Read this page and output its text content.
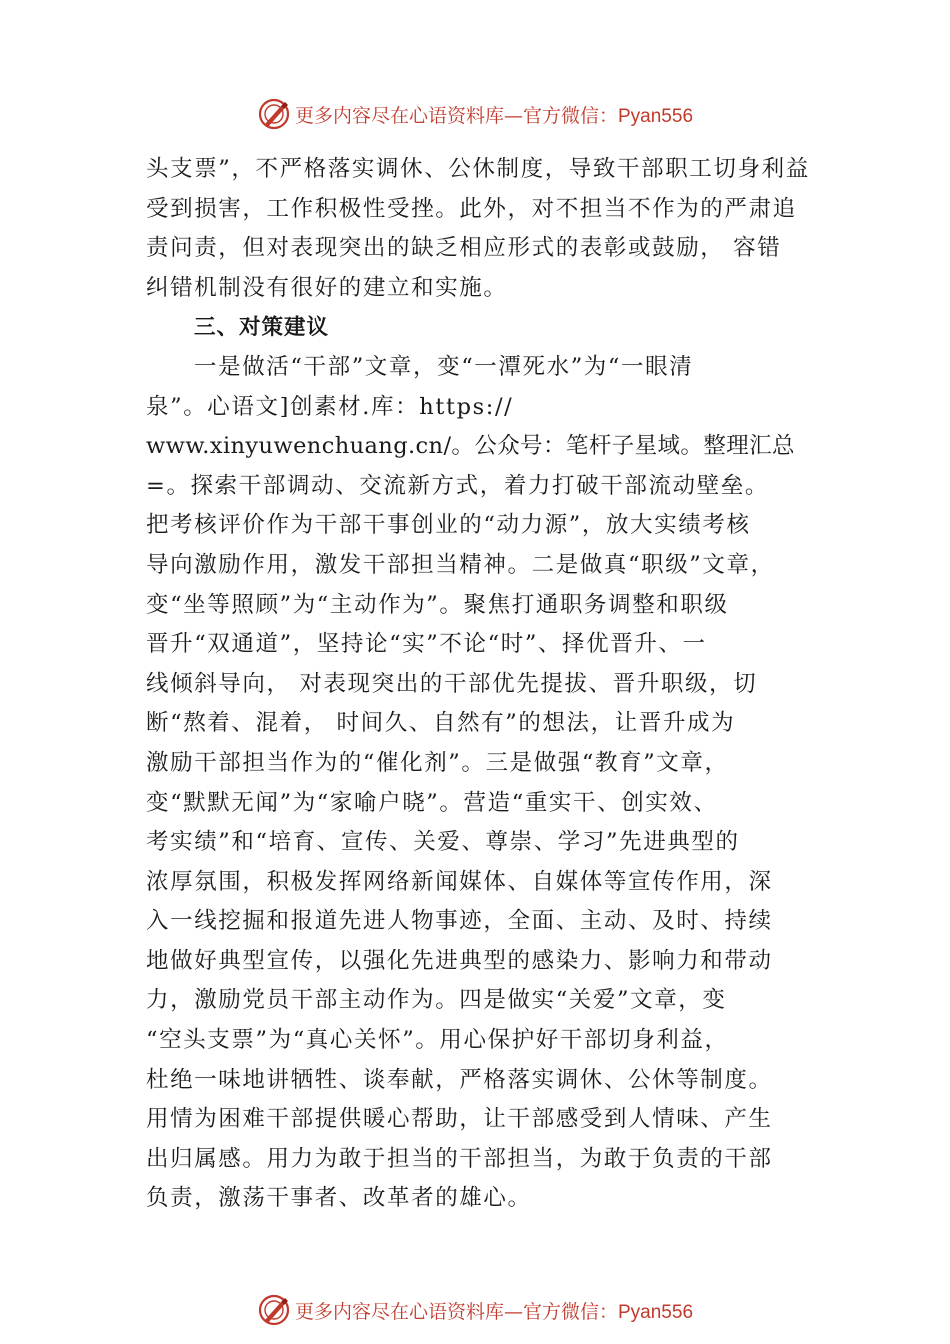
更多内容尽在心语资料库—官方微信：Pyan556
头支票”，不严格落实调休、公休制度，导致干部职工切身利益
受到损害，工作积极性受挫。此外，对不担当不作为的严肃追
责问责，但对表现突出的缺乏相应形式的表彰或鼓励， 容错
纠错机制没有很好的建立和实施。
三、对策建议
一是做活“干部”文章，变“一潭死水”为“一眼清
泉”。心语文]创素材.库：https://
www.xinyuwenchuang.cn/。公众号：笔杆子星域。整理汇总
=。探索干部调动、交流新方式，着力打破干部流动壁垒。
把考核评价作为干部干事创业的“动力源”，放大实绩考核
导向激励作用，激发干部担当精神。二是做真“职级”文章，
变“坐等照顾”为“主动作为”。聚焦打通职务调整和职级
晋升“双通道”，坚持论“实”不论“时”、择优晋升、一
线倾斜导向， 对表现突出的干部优先提拔、晋升职级，切
断“熬着、混着， 时间久、自然有”的想法，让晋升成为
激励干部担当作为的“催化剂”。三是做强“教育”文章，
变“默默无闻”为“家喻户晓”。营造“重实干、创实效、
考实绩”和“培育、宣传、关爱、尊崇、学习”先进典型的
浓厚氛围，积极发挥网络新闻媒体、自媒体等宣传作用，深
入一线挖掘和报道先进人物事迹，全面、主动、及时、持续
地做好典型宣传，以强化先进典型的感染力、影响力和带动
力，激励党员干部主动作为。四是做实“关爱”文章，变
“空头支票”为“真心关怀”。用心保护好干部切身利益，
杜绝一味地讲牺牲、谈奉献，严格落实调休、公休等制度。
用情为困难干部提供暖心帮助，让干部感受到人情味、产生
出归属感。用力为敢于担当的干部担当，为敢于负责的干部
负责，激荡干事者、改革者的雄心。
更多内容尽在心语资料库—官方微信：Pyan556
